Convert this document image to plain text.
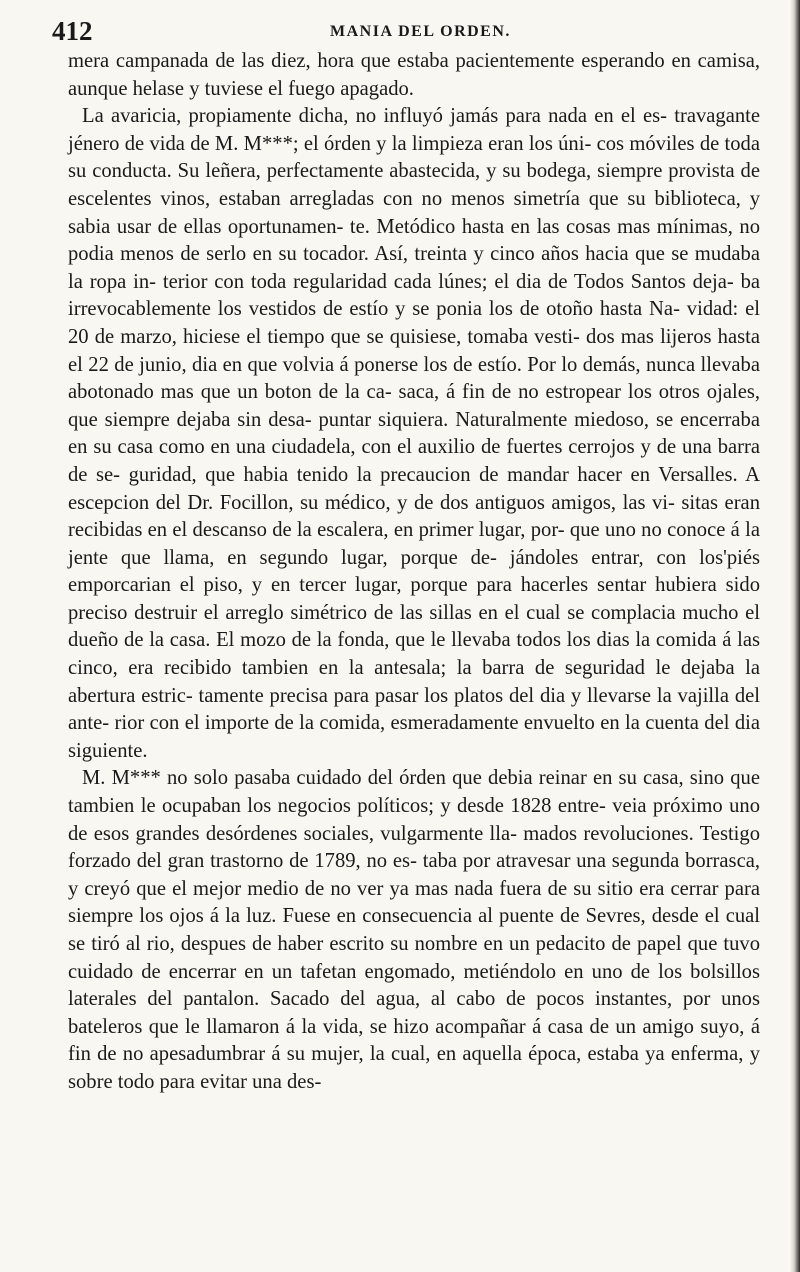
412	MANIA DEL ORDEN.

mera campanada de las diez, hora que estaba pacientemente esperando en camisa, aunque helase y tuviese el fuego apagado.

La avaricia, propiamente dicha, no influyó jamás para nada en el es- travagante jénero de vida de M. M***; el órden y la limpieza eran los úni- cos móviles de toda su conducta. Su leñera, perfectamente abastecida, y su bodega, siempre provista de escelentes vinos, estaban arregladas con no menos simetría que su biblioteca, y sabia usar de ellas oportunamen- te. Metódico hasta en las cosas mas mínimas, no podia menos de serlo en su tocador. Así, treinta y cinco años hacia que se mudaba la ropa in- terior con toda regularidad cada lúnes; el dia de Todos Santos deja- ba irrevocablemente los vestidos de estío y se ponia los de otoño hasta Na- vidad: el 20 de marzo, hiciese el tiempo que se quisiese, tomaba vesti- dos mas lijeros hasta el 22 de junio, dia en que volvia á ponerse los de estío. Por lo demás, nunca llevaba abotonado mas que un boton de la ca- saca, á fin de no estropear los otros ojales, que siempre dejaba sin desa- puntar siquiera. Naturalmente miedoso, se encerraba en su casa como en una ciudadela, con el auxilio de fuertes cerrojos y de una barra de se- guridad, que habia tenido la precaucion de mandar hacer en Versalles. A escepcion del Dr. Focillon, su médico, y de dos antiguos amigos, las vi- sitas eran recibidas en el descanso de la escalera, en primer lugar, por- que uno no conoce á la jente que llama, en segundo lugar, porque de- jándoles entrar, con los'piés emporcarian el piso, y en tercer lugar, porque para hacerles sentar hubiera sido preciso destruir el arreglo simétrico de las sillas en el cual se complacia mucho el dueño de la casa. El mozo de la fonda, que le llevaba todos los dias la comida á las cinco, era recibido tambien en la antesala; la barra de seguridad le dejaba la abertura estric- tamente precisa para pasar los platos del dia y llevarse la vajilla del ante- rior con el importe de la comida, esmeradamente envuelto en la cuenta del dia siguiente.

M. M*** no solo pasaba cuidado del órden que debia reinar en su casa, sino que tambien le ocupaban los negocios políticos; y desde 1828 entre- veia próximo uno de esos grandes desórdenes sociales, vulgarmente lla- mados revoluciones. Testigo forzado del gran trastorno de 1789, no es- taba por atravesar una segunda borrasca, y creyó que el mejor medio de no ver ya mas nada fuera de su sitio era cerrar para siempre los ojos á la luz. Fuese en consecuencia al puente de Sevres, desde el cual se tiró al rio, despues de haber escrito su nombre en un pedacito de papel que tuvo cuidado de encerrar en un tafetan engomado, metiéndolo en uno de los bolsillos laterales del pantalon. Sacado del agua, al cabo de pocos instantes, por unos bateleros que le llamaron á la vida, se hizo acompañar á casa de un amigo suyo, á fin de no apesadumbrar á su mujer, la cual, en aquella época, estaba ya enferma, y sobre todo para evitar una des-
